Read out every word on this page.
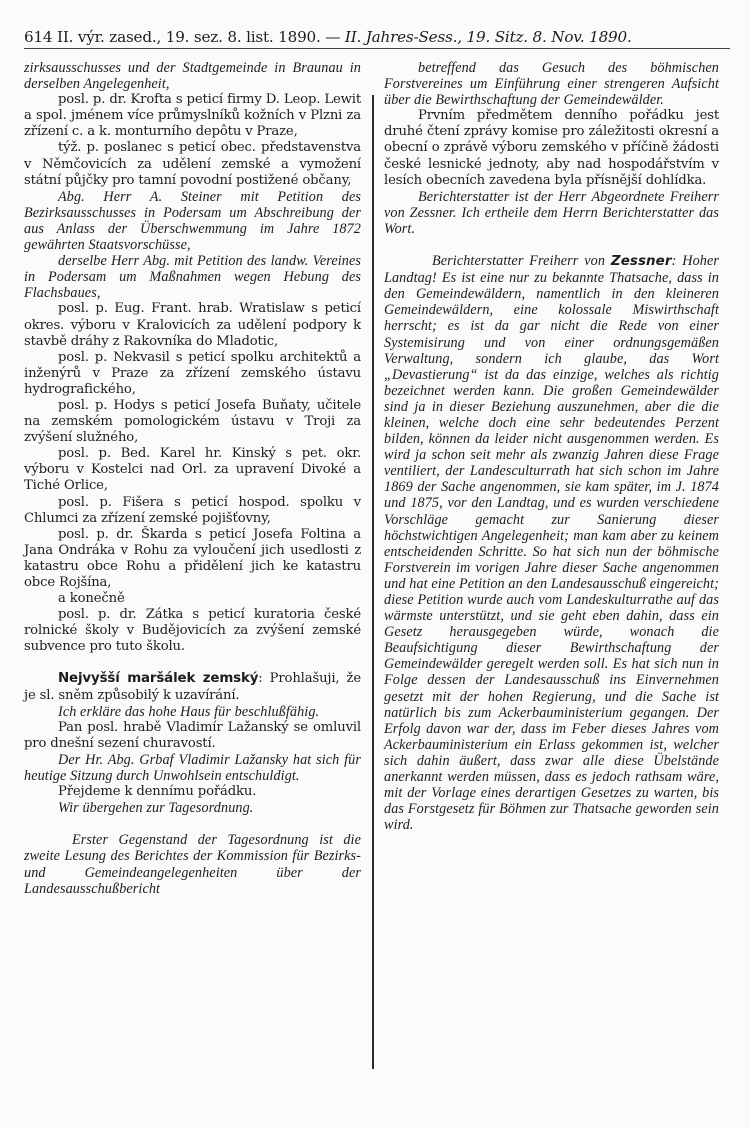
614 II. výr. zased., 19. sez. 8. list. 1890. — II. Jahres-Sess., 19. Sitz. 8. Nov. 1890.

zirksausschusses und der Stadtgemeinde in Braunau in derselben Angelegenheit,

posl. p. dr. Krofta s peticí firmy D. Leop. Lewit a spol. jménem více průmyslníků kožních v Plzni za zřízení c. a k. monturního depôtu v Praze,

týž. p. poslanec s peticí obec. představenstva v Němčovicích za udělení zemské a vymožení státní půjčky pro tamní povodní postižené občany,

Abg. Herr A. Steiner mit Petition des Bezirksausschusses in Podersam um Abschreibung der aus Anlass der Überschwemmung im Jahre 1872 gewährten Staatsvorschüsse,

derselbe Herr Abg. mit Petition des landw. Vereines in Podersam um Maßnahmen wegen Hebung des Flachsbaues,

posl. p. Eug. Frant. hrab. Wratislaw s peticí okres. výboru v Kralovicích za udělení podpory k stavbě dráhy z Rakovníka do Mladotic,

posl. p. Nekvasil s peticí spolku architektů a inženýrů v Praze za zřízení zemského ústavu hydrografického,

posl. p. Hodys s peticí Josefa Buňaty, učitele na zemském pomologickém ústavu v Troji za zvýšení služného,

posl. p. Bed. Karel hr. Kinský s pet. okr. výboru v Kostelci nad Orl. za upravení Divoké a Tiché Orlice,

posl. p. Fišera s peticí hospod. spolku v Chlumci za zřízení zemské pojišťovny,

posl. p. dr. Škarda s peticí Josefa Foltina a Jana Ondráka v Rohu za vyloučení jich usedlosti z katastru obce Rohu a přidělení jich ke katastru obce Rojšína,

a konečně

posl. p. dr. Zátka s peticí kuratoria české rolnické školy v Budějovicích za zvýšení zemské subvence pro tuto školu.

Nejvyšší maršálek zemský: Prohlašuji, že je sl. sněm způsobilý k uzavírání.

Ich erkläre das hohe Haus für beschlußfähig.

Pan posl. hrabě Vladimír Lažanský se omluvil pro dnešní sezení churavostí.

Der Hr. Abg. Grbaf Vladimir Lažansky hat sich für heutige Sitzung durch Unwohlsein entschuldigt.

Přejdeme k dennímu pořádku.

Wir übergehen zur Tagesordnung.

Erster Gegenstand der Tagesordnung ist die zweite Lesung des Berichtes der Kommission für Bezirks- und Gemeindeangelegenheiten über der Landesausschußbericht

betreffend das Gesuch des böhmischen Forstvereines um Einführung einer strengeren Aufsicht über die Bewirthschaftung der Gemeindewälder.

Prvním předmětem denního pořádku jest druhé čtení zprávy komise pro záležitosti okresní a obecní o zprávě výboru zemského v příčině žádosti české lesnické jednoty, aby nad hospodářstvím v lesích obecních zavedena byla přísnější dohlídka.

Berichterstatter ist der Herr Abgeordnete Freiherr von Zessner. Ich ertheile dem Herrn Berichterstatter das Wort.

Berichterstatter Freiherr von Zessner: Hoher Landtag! Es ist eine nur zu bekannte Thatsache, dass in den Gemeindewäldern, namentlich in den kleineren Gemeindewäldern, eine kolossale Miswirthschaft herrscht; es ist da gar nicht die Rede von einer Systemisirung und von einer ordnungsgemäßen Verwaltung, sondern ich glaube, das Wort „Devastierung“ ist da das einzige, welches als richtig bezeichnet werden kann. Die großen Gemeindewälder sind ja in dieser Beziehung auszunehmen, aber die die kleinen, welche doch eine sehr bedeutendes Perzent bilden, können da leider nicht ausgenommen werden. Es wird ja schon seit mehr als zwanzig Jahren diese Frage ventiliert, der Landesculturrath hat sich schon im Jahre 1869 der Sache angenommen, sie kam später, im J. 1874 und 1875, vor den Landtag, und es wurden verschiedene Vorschläge gemacht zur Sanierung dieser höchstwichtigen Angelegenheit; man kam aber zu keinem entscheidenden Schritte. So hat sich nun der böhmische Forstverein im vorigen Jahre dieser Sache angenommen und hat eine Petition an den Landesausschuß eingereicht; diese Petition wurde auch vom Landeskulturrathe auf das wärmste unterstützt, und sie geht eben dahin, dass ein Gesetz herausgegeben würde, wonach die Beaufsichtigung dieser Bewirthschaftung der Gemeindewälder geregelt werden soll. Es hat sich nun in Folge dessen der Landesausschuß ins Einvernehmen gesetzt mit der hohen Regierung, und die Sache ist natürlich bis zum Ackerbauministerium gegangen. Der Erfolg davon war der, dass im Feber dieses Jahres vom Ackerbauministerium ein Erlass gekommen ist, welcher sich dahin äußert, dass zwar alle diese Übelstände anerkannt werden müssen, dass es jedoch rathsam wäre, mit der Vorlage eines derartigen Gesetzes zu warten, bis das Forstgesetz für Böhmen zur Thatsache geworden sein wird.
